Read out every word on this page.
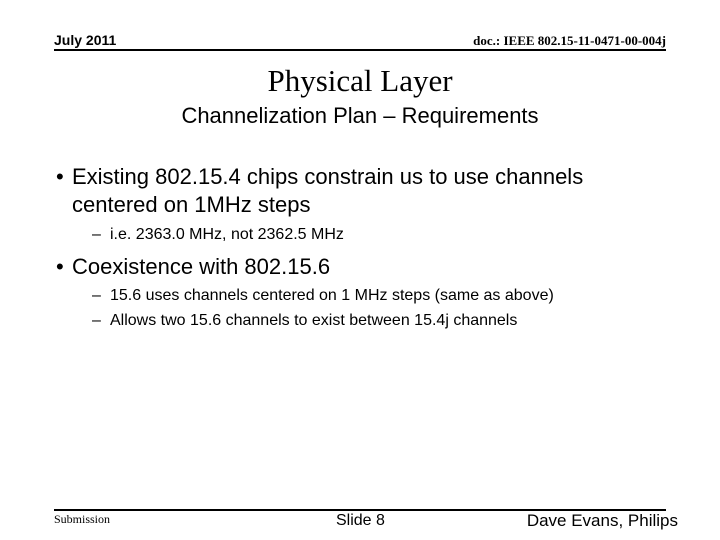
July 2011	doc.: IEEE 802.15-11-0471-00-004j
Physical Layer
Channelization Plan – Requirements
• Existing 802.15.4 chips constrain us to use channels centered on 1MHz steps
– i.e. 2363.0 MHz, not 2362.5 MHz
• Coexistence with 802.15.6
– 15.6 uses channels centered on 1 MHz steps (same as above)
– Allows two 15.6 channels to exist between 15.4j channels
Submission	Slide 8	Dave Evans, Philips
